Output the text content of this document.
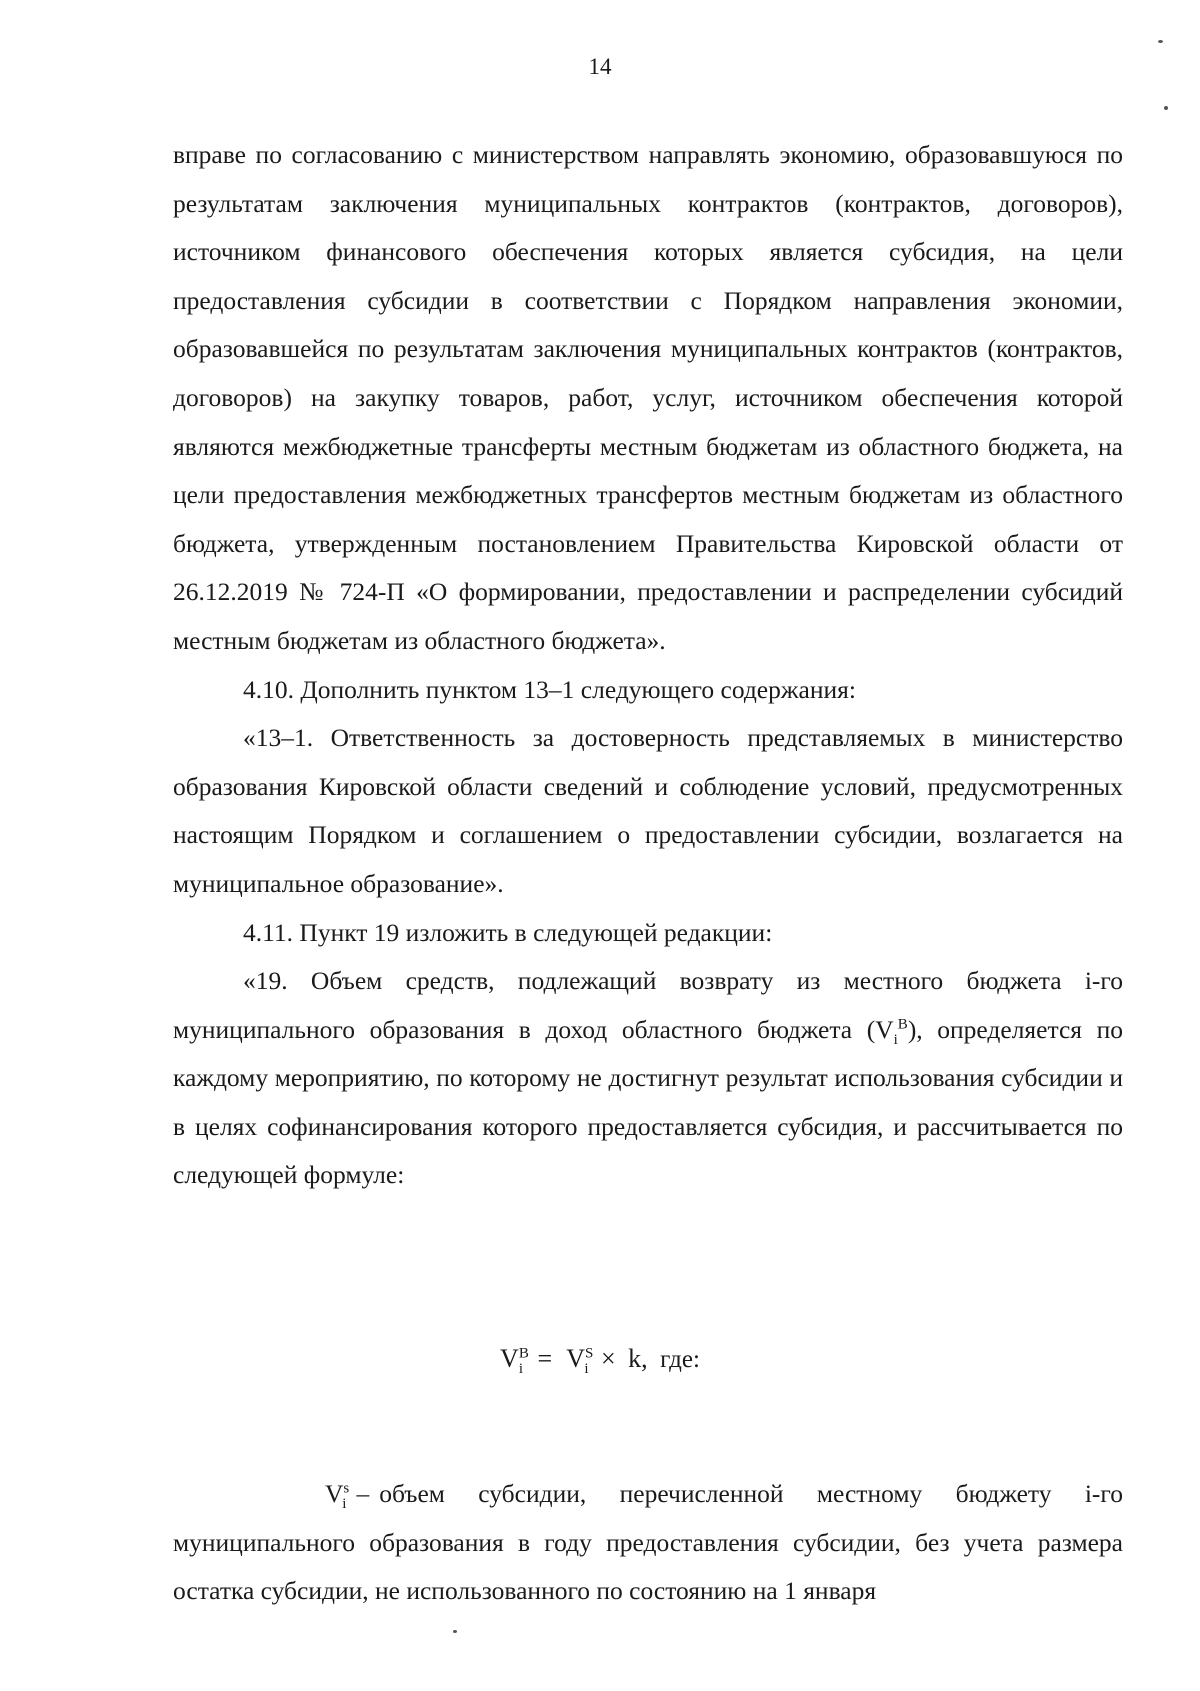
14

вправе по согласованию с министерством направлять экономию, образовавшуюся по результатам заключения муниципальных контрактов (контрактов, договоров), источником финансового обеспечения которых является субсидия, на цели предоставления субсидии в соответствии с Порядком направления экономии, образовавшейся по результатам заключения муниципальных контрактов (контрактов, договоров) на закупку товаров, работ, услуг, источником обеспечения которой являются межбюджетные трансферты местным бюджетам из областного бюджета, на цели предоставления межбюджетных трансфертов местным бюджетам из областного бюджета, утвержденным постановлением Правительства Кировской области от 26.12.2019 № 724-П «О формировании, предоставлении и распределении субсидий местным бюджетам из областного бюджета».

4.10. Дополнить пунктом 13–1 следующего содержания:

«13–1. Ответственность за достоверность представляемых в министерство образования Кировской области сведений и соблюдение условий, предусмотренных настоящим Порядком и соглашением о предоставлении субсидии, возлагается на муниципальное образование».

4.11. Пункт 19 изложить в следующей редакции:

«19. Объем средств, подлежащий возврату из местного бюджета i-го муниципального образования в доход областного бюджета $(V_i^B)$, определяется по каждому мероприятию, по которому не достигнут результат использования субсидии и в целях софинансирования которого предоставляется субсидия, и рассчитывается по следующей формуле:

$V^B_i = V^S_i \times k$, где:

$V^s_i$ – объем субсидии, перечисленной местному бюджету i-го муниципального образования в году предоставления субсидии, без учета размера остатка субсидии, не использованного по состоянию на 1 января
